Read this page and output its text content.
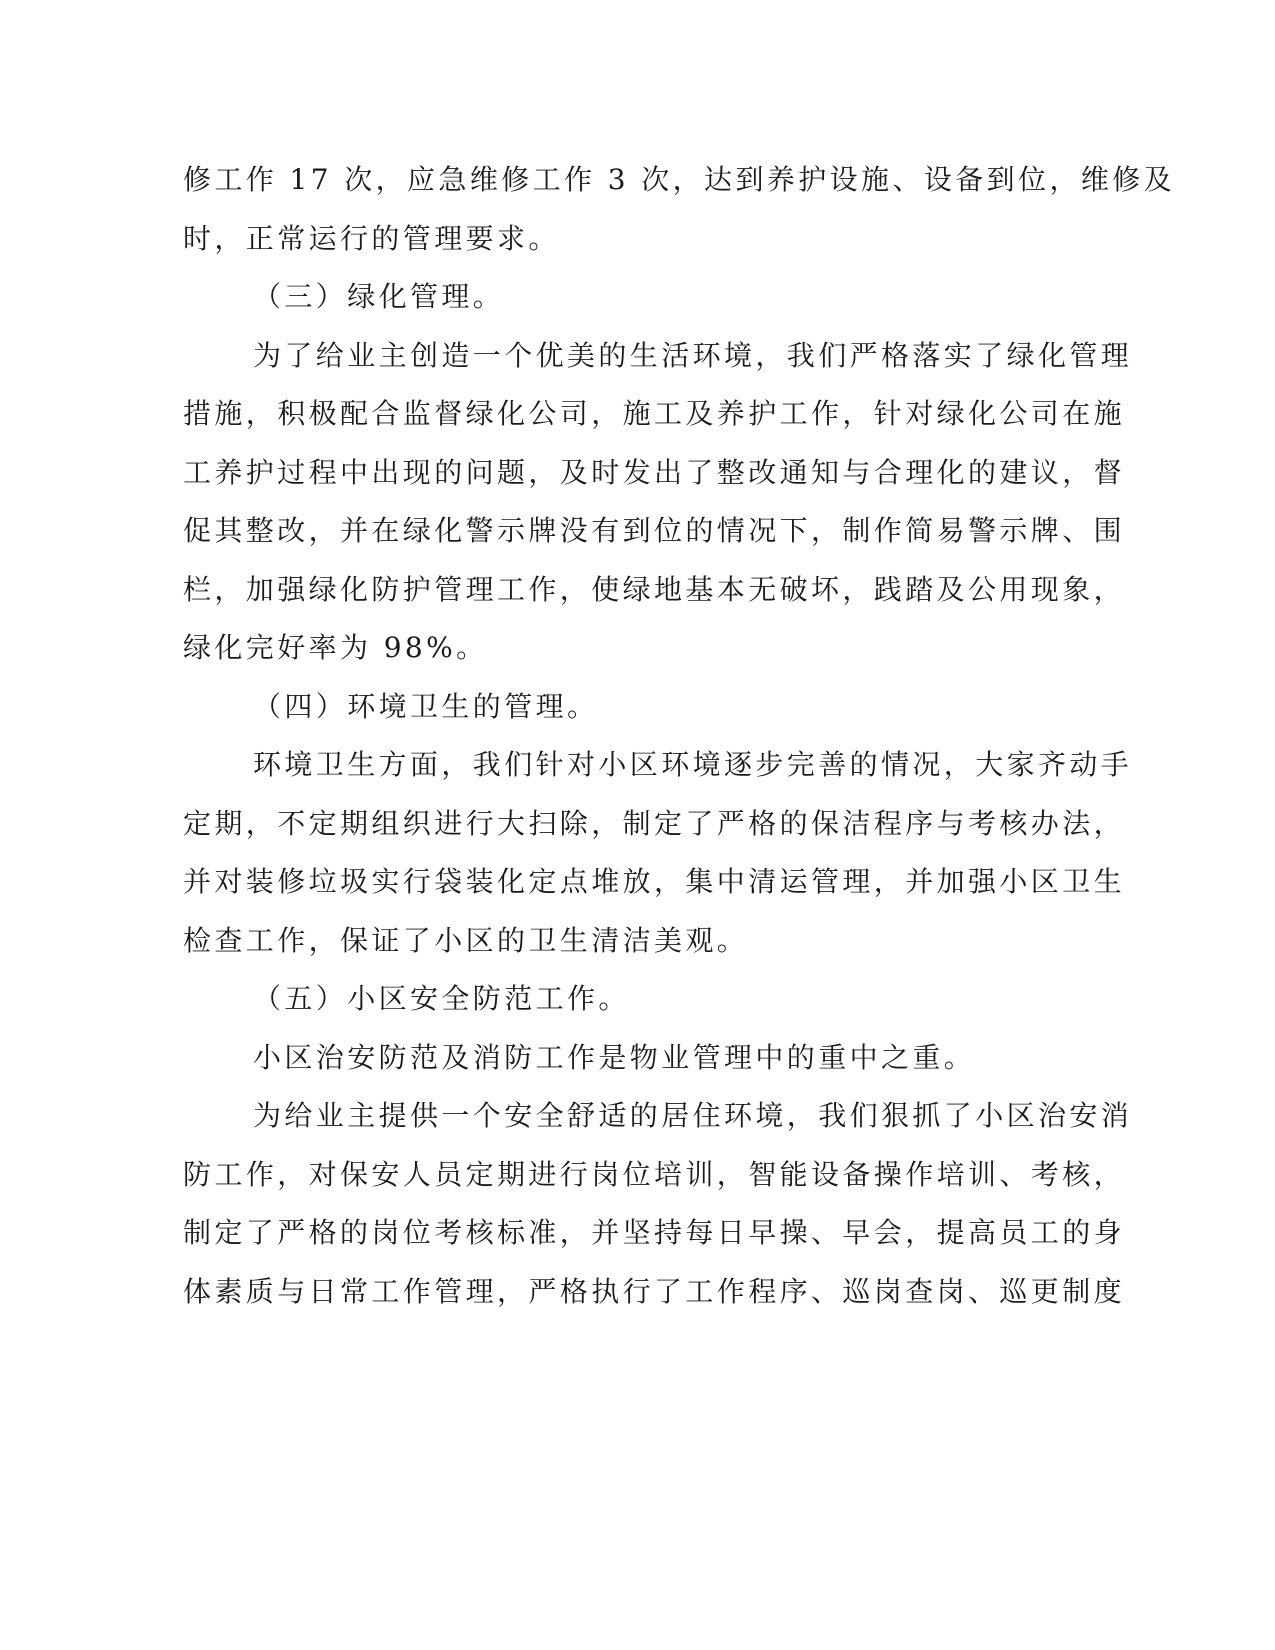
修工作 17 次，应急维修工作 3 次，达到养护设施、设备到位，维修及
时，正常运行的管理要求。
（三）绿化管理。
为了给业主创造一个优美的生活环境，我们严格落实了绿化管理
措施，积极配合监督绿化公司，施工及养护工作，针对绿化公司在施
工养护过程中出现的问题，及时发出了整改通知与合理化的建议，督
促其整改，并在绿化警示牌没有到位的情况下，制作简易警示牌、围
栏，加强绿化防护管理工作，使绿地基本无破坏，践踏及公用现象，
绿化完好率为 98%。
（四）环境卫生的管理。
环境卫生方面，我们针对小区环境逐步完善的情况，大家齐动手
定期，不定期组织进行大扫除，制定了严格的保洁程序与考核办法，
并对装修垃圾实行袋装化定点堆放，集中清运管理，并加强小区卫生
检查工作，保证了小区的卫生清洁美观。
（五）小区安全防范工作。
小区治安防范及消防工作是物业管理中的重中之重。
为给业主提供一个安全舒适的居住环境，我们狠抓了小区治安消
防工作，对保安人员定期进行岗位培训，智能设备操作培训、考核，
制定了严格的岗位考核标准，并坚持每日早操、早会，提高员工的身
体素质与日常工作管理，严格执行了工作程序、巡岗查岗、巡更制度
